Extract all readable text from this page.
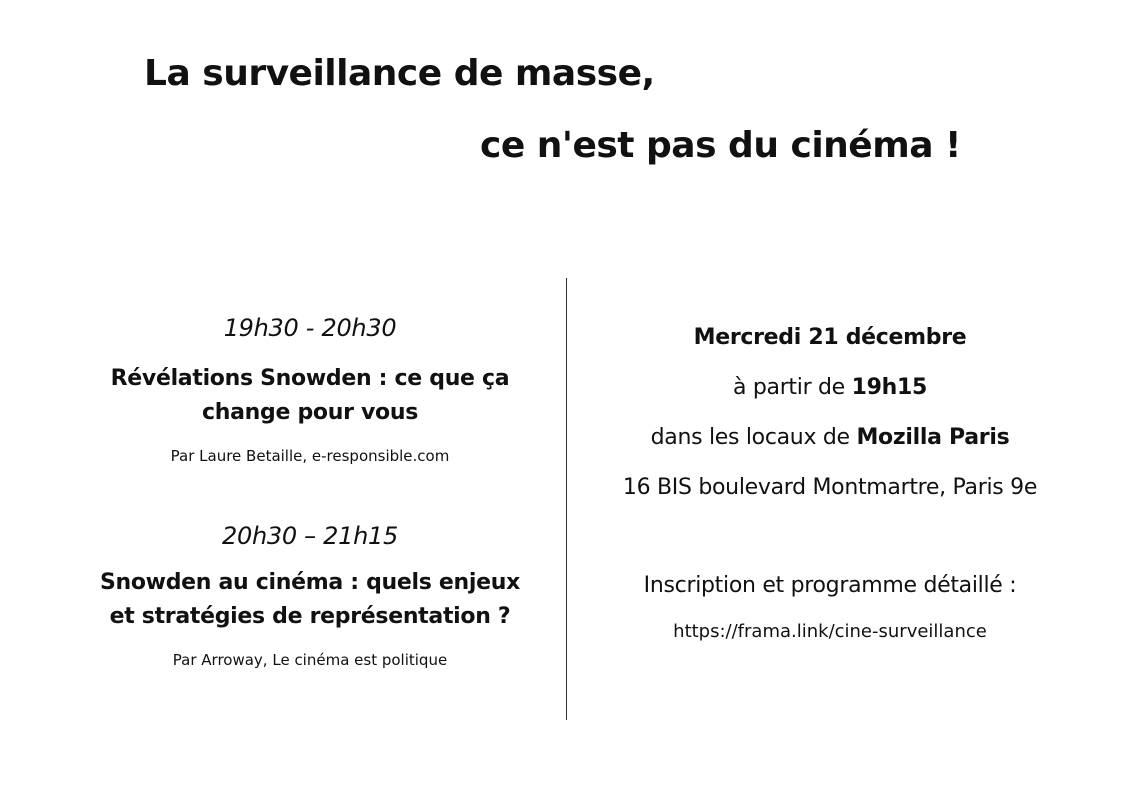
La surveillance de masse,
ce n'est pas du cinéma !
19h30 - 20h30
Révélations Snowden : ce que ça
change pour vous
Par Laure Betaille, e-responsible.com
20h30 – 21h15
Snowden au cinéma : quels enjeux
et stratégies de représentation ?
Par Arroway, Le cinéma est politique
Mercredi 21 décembre
à partir de 19h15
dans les locaux de Mozilla Paris
16 BIS boulevard Montmartre, Paris 9e
Inscription et programme détaillé :
https://frama.link/cine-surveillance
